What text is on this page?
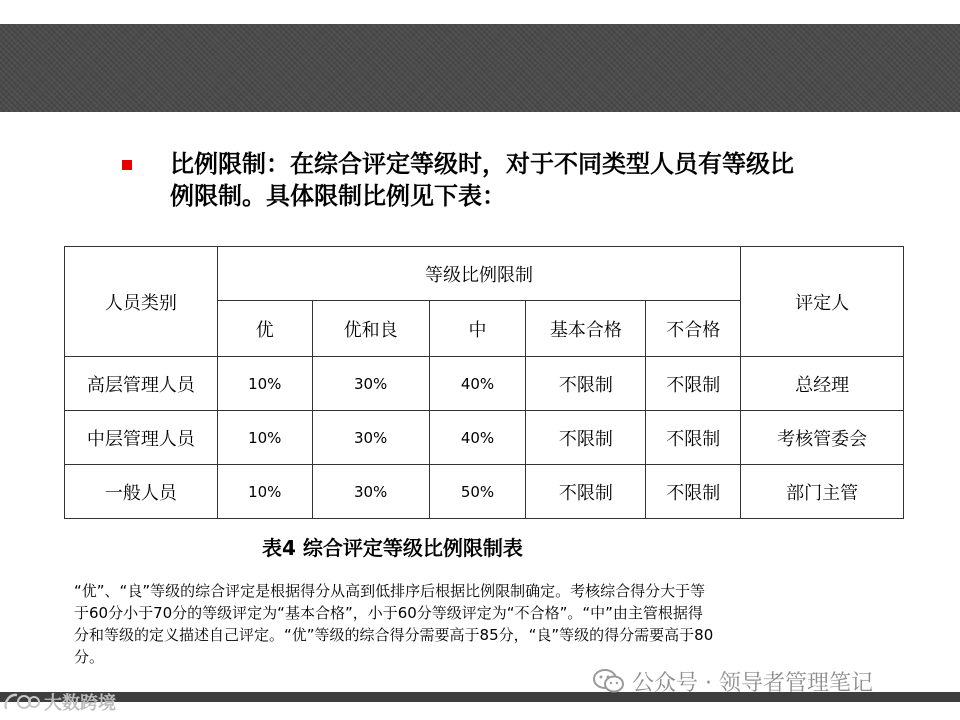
比例限制：在综合评定等级时，对于不同类型人员有等级比
例限制。具体限制比例见下表：
人员类别	等级比例限制					评定人
	优	优和良	中	基本合格	不合格	
高层管理人员	10%	30%	40%	不限制	不限制	总经理
中层管理人员	10%	30%	40%	不限制	不限制	考核管委会
一般人员	10%	30%	50%	不限制	不限制	部门主管
表4 综合评定等级比例限制表
“优”、“良”等级的综合评定是根据得分从高到低排序后根据比例限制确定。考核综合得分大于等
于60分小于70分的等级评定为“基本合格”，小于60分等级评定为“不合格”。“中”由主管根据得
分和等级的定义描述自己评定。“优”等级的综合得分需要高于85分，“良”等级的得分需要高于80
分。
公众号 · 领导者管理笔记
大数跨境
